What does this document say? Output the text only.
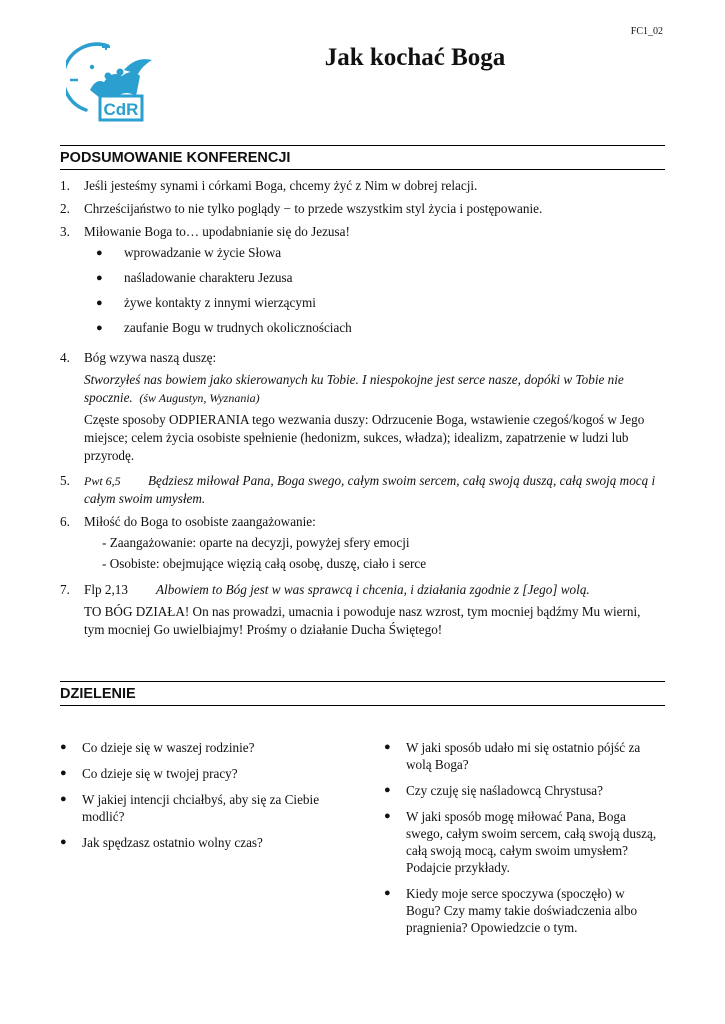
FC1_02
CdR
Jak kochać Boga
PODSUMOWANIE KONFERENCJI
1.	Jeśli jesteśmy synami i córkami Boga, chcemy żyć z Nim w dobrej relacji.
2.	Chrześcijaństwo to nie tylko poglądy − to przede wszystkim styl życia i postępowanie.
3.	Miłowanie Boga to… upodabnianie się do Jezusa!
●	wprowadzanie w życie Słowa
●	naśladowanie charakteru Jezusa
●	żywe kontakty z innymi wierzącymi
●	zaufanie Bogu w trudnych okolicznościach
4.	Bóg wzywa naszą duszę:
Stworzyłeś nas bowiem jako skierowanych ku Tobie. I niespokojne jest serce nasze, dopóki w Tobie nie spocznie. (św Augustyn, Wyznania)
Częste sposoby ODPIERANIA tego wezwania duszy: Odrzucenie Boga, wstawienie czegoś/kogoś w Jego miejsce; celem życia osobiste spełnienie (hedonizm, sukces, władza); idealizm, zapatrzenie w ludzi lub przyrodę.
5.	Pwt 6,5 Będziesz miłował Pana, Boga swego, całym swoim sercem, całą swoją duszą, całą swoją mocą i całym swoim umysłem.
6.	Miłość do Boga to osobiste zaangażowanie:
- Zaangażowanie: oparte na decyzji, powyżej sfery emocji
- Osobiste: obejmujące więzią całą osobę, duszę, ciało i serce
7.	Flp 2,13 Albowiem to Bóg jest w was sprawcą i chcenia, i działania zgodnie z [Jego] wolą.
TO BÓG DZIAŁA! On nas prowadzi, umacnia i powoduje nasz wzrost, tym mocniej bądźmy Mu wierni, tym mocniej Go uwielbiajmy! Prośmy o działanie Ducha Świętego!
DZIELENIE
●	Co dzieje się w waszej rodzinie?
●	Co dzieje się w twojej pracy?
●	W jakiej intencji chciałbyś, aby się za Ciebie modlić?
●	Jak spędzasz ostatnio wolny czas?
●	W jaki sposób udało mi się ostatnio pójść za wolą Boga?
●	Czy czuję się naśladowcą Chrystusa?
●	W jaki sposób mogę miłować Pana, Boga swego, całym swoim sercem, całą swoją duszą, całą swoją mocą, całym swoim umysłem? Podajcie przykłady.
●	Kiedy moje serce spoczywa (spoczęło) w Bogu? Czy mamy takie doświadczenia albo pragnienia? Opowiedzcie o tym.
